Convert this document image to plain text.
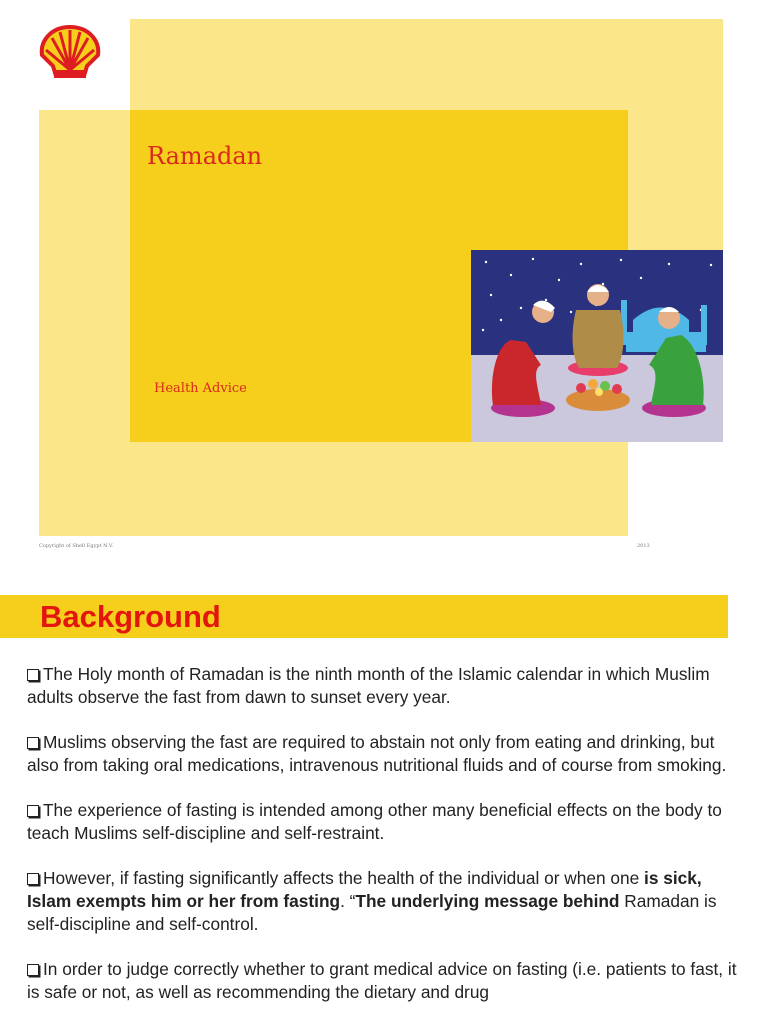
Ramadan
Health Advice
Copyright of Shell Egypt N.V.	2013
Background

The Holy month of Ramadan is the ninth month of the Islamic calendar in which Muslim adults observe the fast from dawn to sunset every year.

Muslims observing the fast are required to abstain not only from eating and drinking, but also from taking oral medications, intravenous nutritional fluids and of course from smoking.

The experience of fasting is intended among other many beneficial effects on the body to teach Muslims self-discipline and self-restraint.

However, if fasting significantly affects the health of the individual or when one is sick, Islam exempts him or her from fasting. “The underlying message behind Ramadan is self-discipline and self-control.

In order to judge correctly whether to grant medical advice on fasting (i.e. patients to fast, it is safe or not, as well as recommending the dietary and drug
